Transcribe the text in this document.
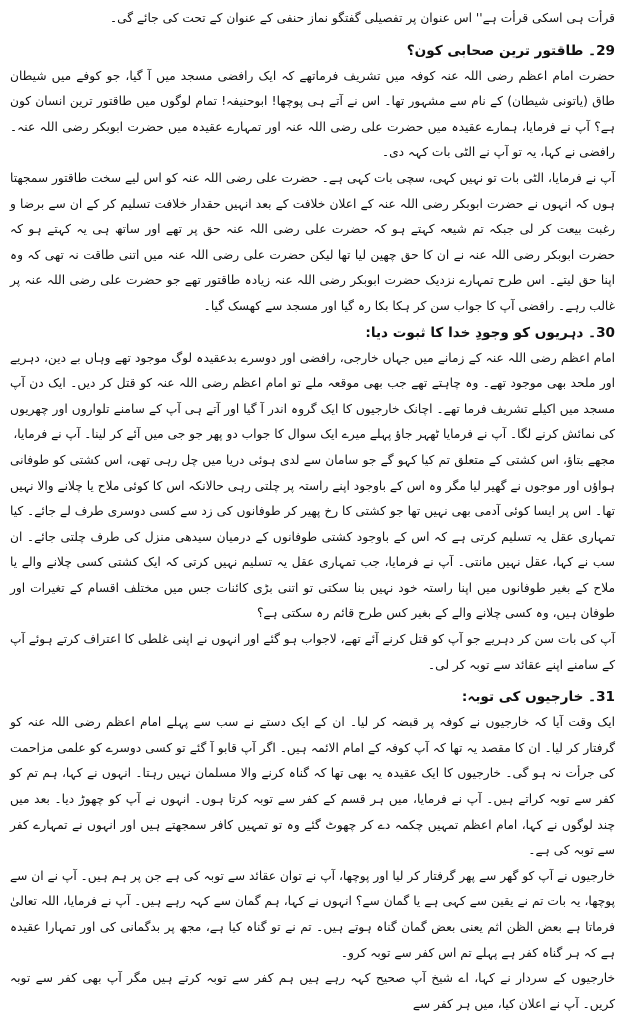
قرأت ہی اسکی قرأت ہے'' اس عنوان پر تفصیلی گفتگو نماز حنفی کے عنوان کے تحت کی جائے گی۔

29۔ طاقتور ترین صحابی کون؟

حضرت امام اعظم رضی اللہ عنہ کوفہ میں تشریف فرماتھے کہ ایک رافضی مسجد میں آ گیا، جو کوفے میں شیطان طاق (یاتونی شیطان) کے نام سے مشہور تھا۔ اس نے آتے ہی پوچھا! ابوحنیفہ! تمام لوگوں میں طاقتور ترین انسان کون ہے؟ آپ نے فرمایا، ہمارے عقیدہ میں حضرت علی رضی اللہ عنہ اور تمہارے عقیدہ میں حضرت ابوبکر رضی اللہ عنہ۔ رافضی نے کہا، یہ تو آپ نے الٹی بات کہہ دی۔

آپ نے فرمایا، الٹی بات تو نہیں کہی، سچی بات کہی ہے۔ حضرت علی رضی اللہ عنہ کو اس لیے سخت طاقتور سمجھتا ہوں کہ انہوں نے حضرت ابوبکر رضی اللہ عنہ کے اعلان خلافت کے بعد انہیں حقدار خلافت تسلیم کر کے ان سے برضا و رغبت بیعت کر لی جبکہ تم شیعہ کہتے ہو کہ حضرت علی رضی اللہ عنہ حق پر تھے اور ساتھ ہی یہ کہتے ہو کہ حضرت ابوبکر رضی اللہ عنہ نے ان کا حق چھین لیا تھا لیکن حضرت علی رضی اللہ عنہ میں اتنی طاقت نہ تھی کہ وہ اپنا حق لیتے۔ اس طرح تمہارے نزدیک حضرت ابوبکر رضی اللہ عنہ زیادہ طاقتور تھے جو حضرت علی رضی اللہ عنہ پر غالب رہے۔ رافضی آپ کا جواب سن کر ہکا بکا رہ گیا اور مسجد سے کھسک گیا۔

30۔ دہریوں کو وجودِ خدا کا ثبوت دیا:

امام اعظم رضی اللہ عنہ کے زمانے میں جہاں خارجی، رافضی اور دوسرے بدعقیدہ لوگ موجود تھے وہاں بے دین، دہریے اور ملحد بھی موجود تھے۔ وہ چاہتے تھے جب بھی موقعہ ملے تو امام اعظم رضی اللہ عنہ کو قتل کر دیں۔ ایک دن آپ مسجد میں اکیلے تشریف فرما تھے۔ اچانک خارجیوں کا ایک گروہ اندر آ گیا اور آتے ہی آپ کے سامنے تلواروں اور چھریوں کی نمائش کرنے لگا۔ آپ نے فرمایا ٹھہر جاؤ پہلے میرے ایک سوال کا جواب دو پھر جو جی میں آئے کر لینا۔ آپ نے فرمایا،

مجھے بتاؤ، اس کشتی کے متعلق تم کیا کہو گے جو سامان سے لدی ہوئی دریا میں چل رہی تھی، اس کشتی کو طوفانی ہواؤں اور موجوں نے گھیر لیا مگر وہ اس کے باوجود اپنے راستہ پر چلتی رہی حالانکہ اس کا کوئی ملاح یا چلانے والا نہیں تھا۔ اس پر ایسا کوئی آدمی بھی نہیں تھا جو کشتی کا رخ پھیر کر طوفانوں کی زد سے کسی دوسری طرف لے جائے۔ کیا تمہاری عقل یہ تسلیم کرتی ہے کہ اس کے باوجود کشتی طوفانوں کے درمیان سیدھی منزل کی طرف چلتی جائے۔ ان سب نے کہا، عقل نہیں مانتی۔ آپ نے فرمایا، جب تمہاری عقل یہ تسلیم نہیں کرتی کہ ایک کشتی کسی چلانے والے یا ملاح کے بغیر طوفانوں میں اپنا راستہ خود نہیں بنا سکتی تو اتنی بڑی کائنات جس میں مختلف اقسام کے تغیرات اور طوفان ہیں، وہ کسی چلانے والے کے بغیر کس طرح قائم رہ سکتی ہے؟

آپ کی بات سن کر دہریے جو آپ کو قتل کرنے آئے تھے، لاجواب ہو گئے اور انہوں نے اپنی غلطی کا اعتراف کرتے ہوئے آپ کے سامنے اپنے عقائد سے توبہ کر لی۔

31۔ خارجیوں کی توبہ:

ایک وقت آیا کہ خارجیوں نے کوفہ پر قبضہ کر لیا۔ ان کے ایک دستے نے سب سے پہلے امام اعظم رضی اللہ عنہ کو گرفتار کر لیا۔ ان کا مقصد یہ تھا کہ آپ کوفہ کے امام الائمہ ہیں۔ اگر آپ قابو آ گئے تو کسی دوسرے کو علمی مزاحمت کی جرأت نہ ہو گی۔ خارجیوں کا ایک عقیدہ یہ بھی تھا کہ گناہ کرنے والا مسلمان نہیں رہتا۔ انہوں نے کہا، ہم تم کو کفر سے توبہ کراتے ہیں۔ آپ نے فرمایا، میں ہر قسم کے کفر سے توبہ کرتا ہوں۔ انہوں نے آپ کو چھوڑ دیا۔ بعد میں چند لوگوں نے کہا، امام اعظم تمہیں چکمہ دے کر چھوٹ گئے وہ تو تمہیں کافر سمجھتے ہیں اور انہوں نے تمہارے کفر سے توبہ کی ہے۔

خارجیوں نے آپ کو گھر سے پھر گرفتار کر لیا اور پوچھا، آپ نے توان عقائد سے توبہ کی ہے جن پر ہم ہیں۔ آپ نے ان سے پوچھا، یہ بات تم نے یقین سے کہی ہے یا گمان سے؟ انہوں نے کہا، ہم گمان سے کہہ رہے ہیں۔ آپ نے فرمایا، اللہ تعالیٰ فرماتا ہے بعض الظن اثم یعنی بعض گمان گناہ ہوتے ہیں۔ تم نے تو گناہ کیا ہے، مجھ پر بدگمانی کی اور تمہارا عقیدہ ہے کہ ہر گناہ کفر ہے پہلے تم اس کفر سے توبہ کرو۔

خارجیوں کے سردار نے کہا، اے شیخ آپ صحیح کہہ رہے ہیں ہم کفر سے توبہ کرتے ہیں مگر آپ بھی کفر سے توبہ کریں۔ آپ نے اعلان کیا، میں ہر کفر سے
